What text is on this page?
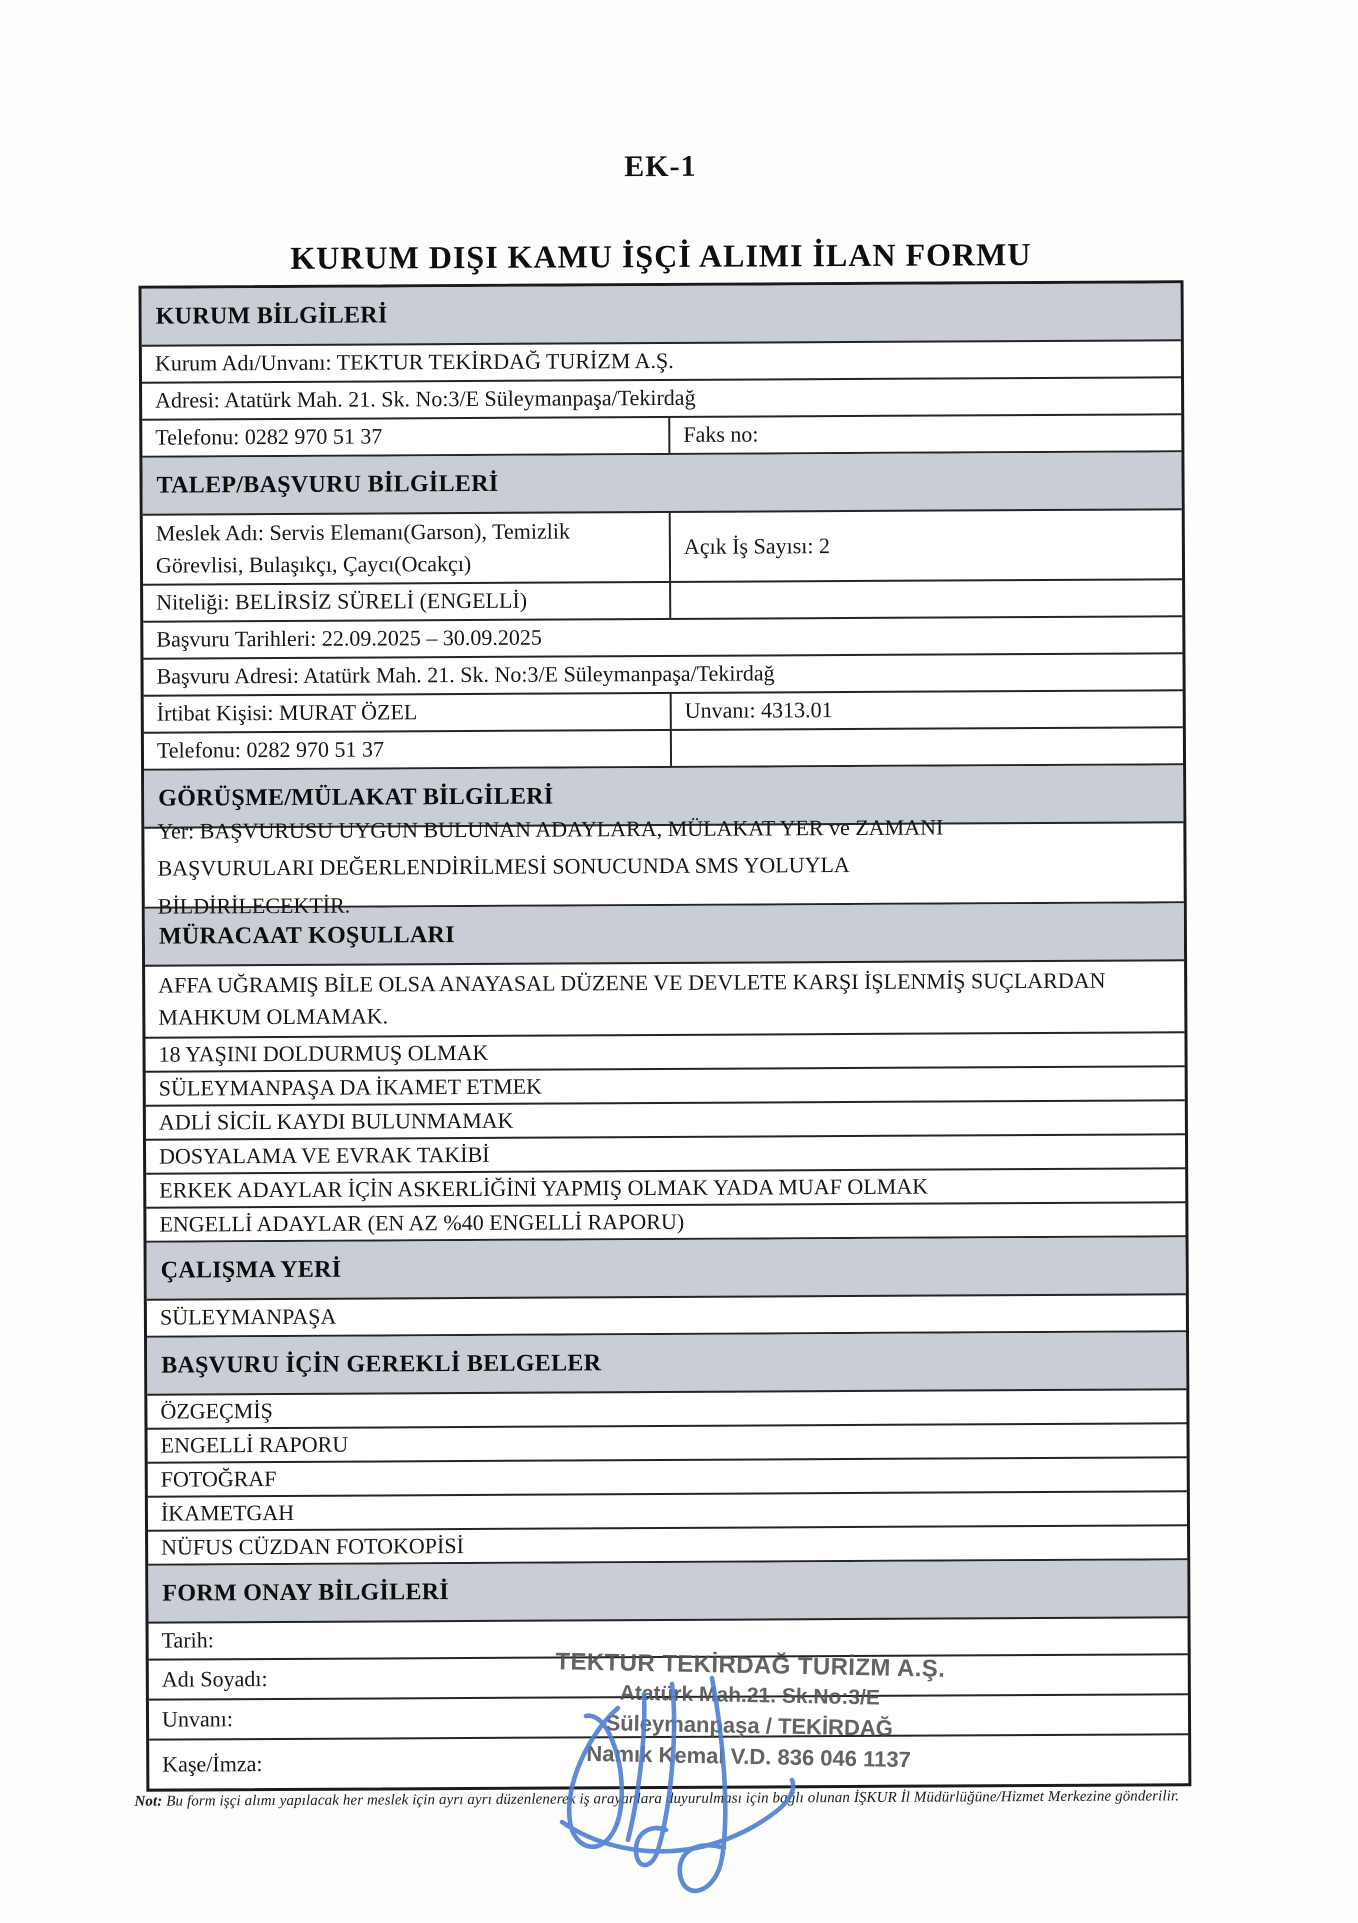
EK-1
KURUM DIŞI KAMU İŞÇİ ALIMI İLAN FORMU
KURUM BİLGİLERİ
Kurum Adı/Unvanı: TEKTUR TEKİRDAĞ TURİZM A.Ş.
Adresi: Atatürk Mah. 21. Sk. No:3/E Süleymanpaşa/Tekirdağ
Telefonu: 0282 970 51 37	Faks no:
TALEP/BAŞVURU BİLGİLERİ
Meslek Adı: Servis Elemanı(Garson), Temizlik Görevlisi, Bulaşıkçı, Çaycı(Ocakçı)
Açık İş Sayısı: 2
Niteliği: BELİRSİZ SÜRELİ (ENGELLİ)
Başvuru Tarihleri: 22.09.2025 – 30.09.2025
Başvuru Adresi: Atatürk Mah. 21. Sk. No:3/E Süleymanpaşa/Tekirdağ
İrtibat Kişisi: MURAT ÖZEL	Unvanı: 4313.01
Telefonu: 0282 970 51 37
GÖRÜŞME/MÜLAKAT BİLGİLERİ
Yer: BAŞVURUSU UYGUN BULUNAN ADAYLARA, MÜLAKAT YER ve ZAMANI BAŞVURULARI DEĞERLENDİRİLMESİ SONUCUNDA SMS YOLUYLA BİLDİRİLECEKTİR.
MÜRACAAT KOŞULLARI
AFFA UĞRAMIŞ BİLE OLSA ANAYASAL DÜZENE VE DEVLETE KARŞI İŞLENMİŞ SUÇLARDAN MAHKUM OLMAMAK.
18 YAŞINI DOLDURMUŞ OLMAK
SÜLEYMANPAŞA DA İKAMET ETMEK
ADLİ SİCİL KAYDI BULUNMAMAK
DOSYALAMA VE EVRAK TAKİBİ
ERKEK ADAYLAR İÇİN ASKERLİĞİNİ YAPMIŞ OLMAK YADA MUAF OLMAK
ENGELLİ ADAYLAR (EN AZ %40 ENGELLİ RAPORU)
ÇALIŞMA YERİ
SÜLEYMANPAŞA
BAŞVURU İÇİN GEREKLİ BELGELER
ÖZGEÇMİŞ
ENGELLİ RAPORU
FOTOĞRAF
İKAMETGAH
NÜFUS CÜZDAN FOTOKOPİSİ
FORM ONAY BİLGİLERİ
Tarih:
Adı Soyadı:
Unvanı:
Kaşe/İmza:
Not: Bu form işçi alımı yapılacak her meslek için ayrı ayrı düzenlenerek iş arayanlara duyurulması için bağlı olunan İŞKUR İl Müdürlüğüne/Hizmet Merkezine gönderilir.
TEKTUR TEKİRDAĞ TURİZM A.Ş.
Atatürk Mah.21. Sk.No:3/E
Süleymanpaşa / TEKİRDAĞ
Namık Kemal V.D. 836 046 1137
